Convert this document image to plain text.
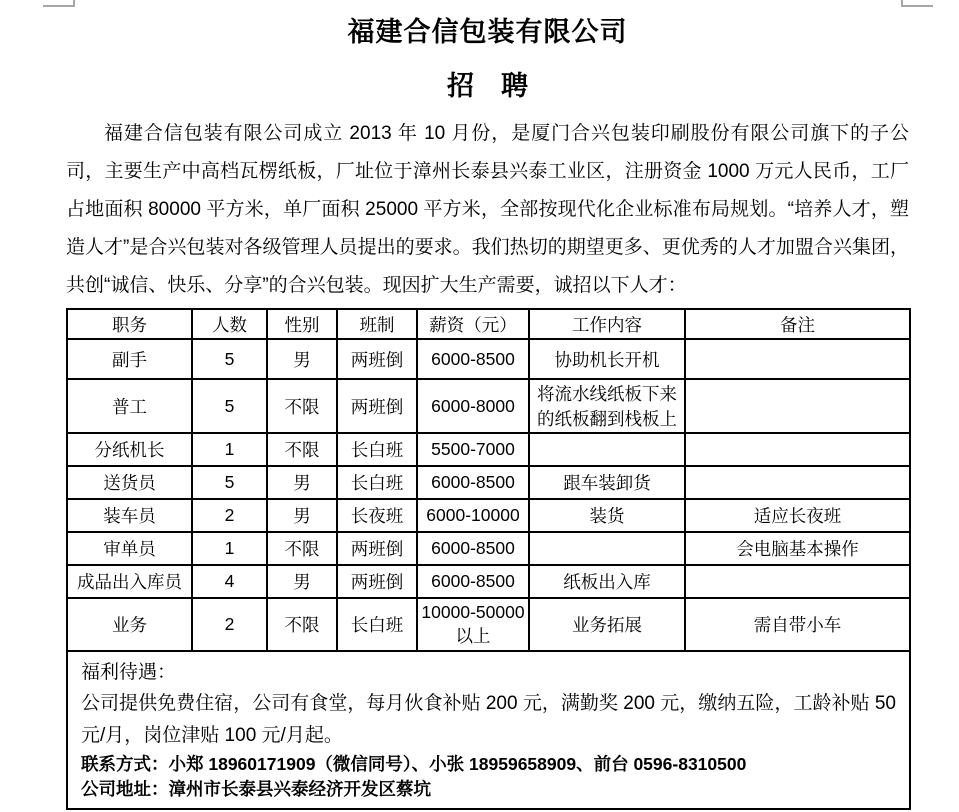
福建合信包装有限公司
招　聘

福建合信包装有限公司成立 2013 年 10 月份，是厦门合兴包装印刷股份有限公司旗下的子公司，主要生产中高档瓦楞纸板，厂址位于漳州长泰县兴泰工业区，注册资金 1000 万元人民币，工厂占地面积 80000 平方米，单厂面积 25000 平方米，全部按现代化企业标准布局规划。“培养人才，塑造人才”是合兴包装对各级管理人员提出的要求。我们热切的期望更多、更优秀的人才加盟合兴集团，共创“诚信、快乐、分享”的合兴包装。现因扩大生产需要，诚招以下人才：

职务	人数	性别	班制	薪资（元）	工作内容	备注
副手	5	男	两班倒	6000-8500	协助机长开机	
普工	5	不限	两班倒	6000-8000	将流水线纸板下来的纸板翻到栈板上	
分纸机长	1	不限	长白班	5500-7000		
送货员	5	男	长白班	6000-8500	跟车装卸货	
装车员	2	男	长夜班	6000-10000	装货	适应长夜班
审单员	1	不限	两班倒	6000-8500		会电脑基本操作
成品出入库员	4	男	两班倒	6000-8500	纸板出入库	
业务	2	不限	长白班	10000-50000以上	业务拓展	需自带小车

福利待遇：
公司提供免费住宿，公司有食堂，每月伙食补贴 200 元，满勤奖 200 元，缴纳五险，工龄补贴 50 元/月，岗位津贴 100 元/月起。
联系方式：小郑 18960171909（微信同号）、小张 18959658909、前台 0596-8310500
公司地址：漳州市长泰县兴泰经济开发区蔡坑						
